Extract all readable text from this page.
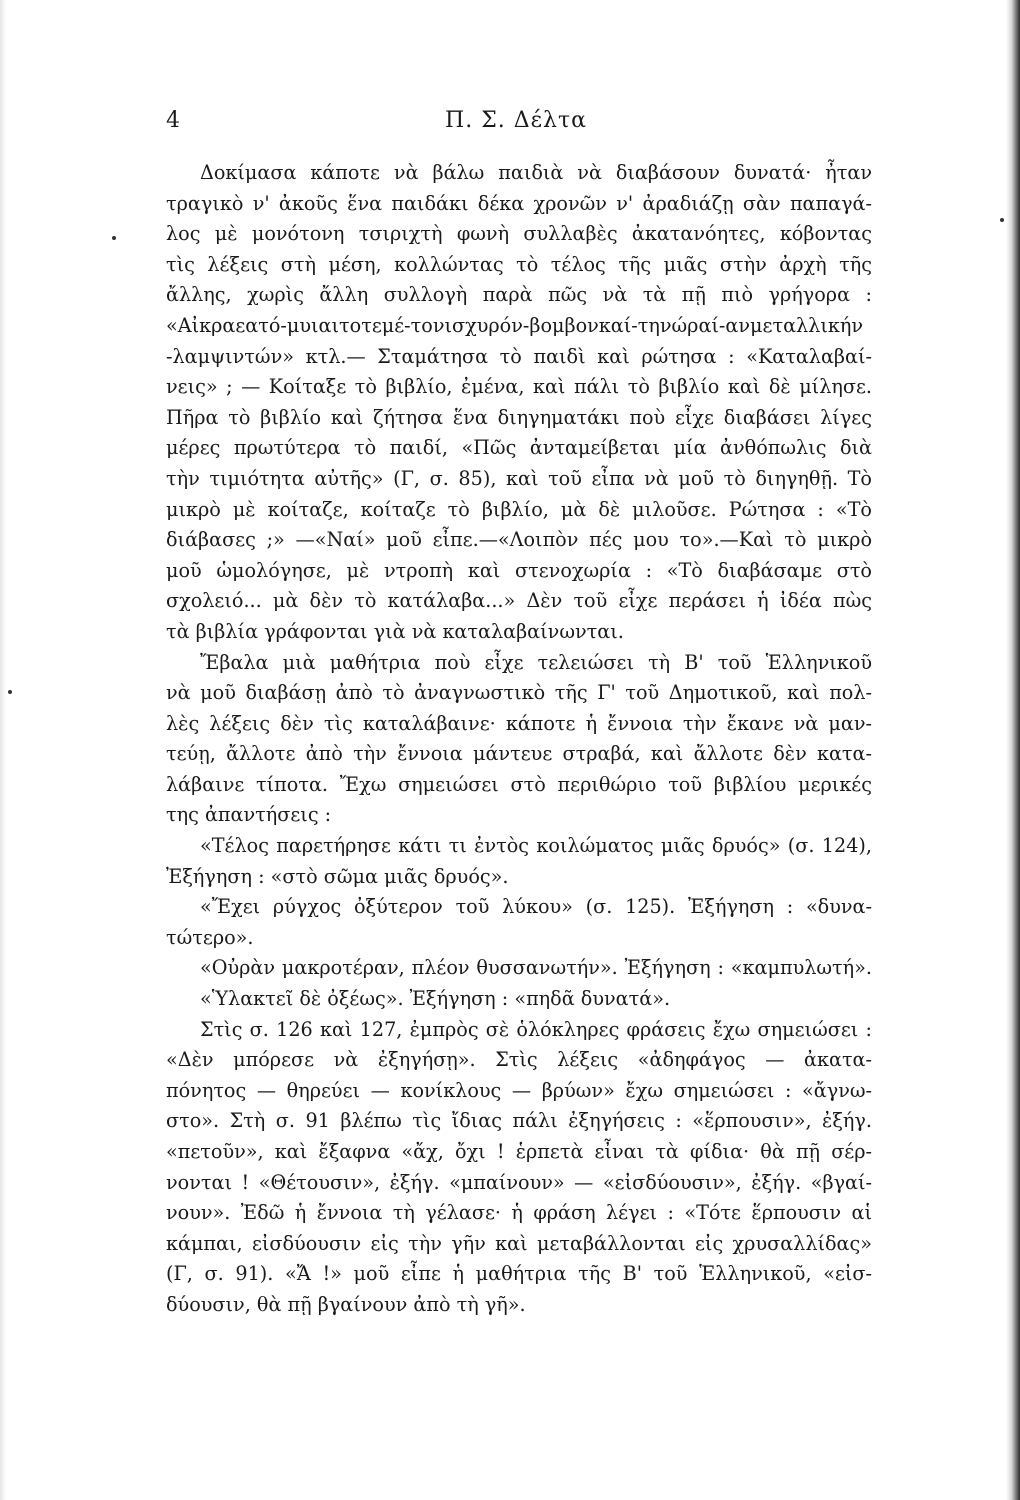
4	Π. Σ. Δέλτα
Δοκίμασα κάποτε νὰ βάλω παιδιὰ νὰ διαβάσουν δυνατά· ἦταν
τραγικὸ ν' ἀκοῦς ἕνα παιδάκι δέκα χρονῶν ν' ἀραδιάζῃ σὰν παπαγά-
λος μὲ μονότονη τσιριχτὴ φωνὴ συλλαβὲς ἀκατανόητες, κόβοντας
τὶς λέξεις στὴ μέση, κολλώντας τὸ τέλος τῆς μιᾶς στὴν ἀρχὴ τῆς
ἄλλης, χωρὶς ἄλλη συλλογὴ παρὰ πῶς νὰ τὰ πῇ πιὸ γρήγορα :
«Αἰκραεατό-μυιαιτοτεμέ-τονισχυρόν-βομβονκαί-τηνώραί-ανμεταλλικήν
-λαμψιντών» κτλ.— Σταμάτησα τὸ παιδὶ καὶ ρώτησα : «Καταλαβαί-
νεις» ; — Κοίταξε τὸ βιβλίο, ἐμένα, καὶ πάλι τὸ βιβλίο καὶ δὲ μίλησε.
Πῆρα τὸ βιβλίο καὶ ζήτησα ἕνα διηγηματάκι ποὺ εἶχε διαβάσει λίγες
μέρες πρωτύτερα τὸ παιδί, «Πῶς ἀνταμείβεται μία ἀνθόπωλις διὰ
τὴν τιμιότητα αὐτῆς» (Γ, σ. 85), καὶ τοῦ εἶπα νὰ μοῦ τὸ διηγηθῇ. Τὸ
μικρὸ μὲ κοίταζε, κοίταζε τὸ βιβλίο, μὰ δὲ μιλοῦσε. Ρώτησα : «Τὸ
διάβασες ;» —«Ναί» μοῦ εἶπε.—«Λοιπὸν πές μου το».—Καὶ τὸ μικρὸ
μοῦ ὡμολόγησε, μὲ ντροπὴ καὶ στενοχωρία : «Τὸ διαβάσαμε στὸ
σχολειό... μὰ δὲν τὸ κατάλαβα...» Δὲν τοῦ εἶχε περάσει ἡ ἰδέα πὼς
τὰ βιβλία γράφονται γιὰ νὰ καταλαβαίνωνται.
Ἔβαλα μιὰ μαθήτρια ποὺ εἶχε τελειώσει τὴ Β' τοῦ Ἑλληνικοῦ
νὰ μοῦ διαβάσῃ ἀπὸ τὸ ἀναγνωστικὸ τῆς Γ' τοῦ Δημοτικοῦ, καὶ πολ-
λὲς λέξεις δὲν τὶς καταλάβαινε· κάποτε ἡ ἔννοια τὴν ἔκανε νὰ μαν-
τεύῃ, ἄλλοτε ἀπὸ τὴν ἔννοια μάντευε στραβά, καὶ ἄλλοτε δὲν κατα-
λάβαινε τίποτα. Ἔχω σημειώσει στὸ περιθώριο τοῦ βιβλίου μερικές
της ἀπαντήσεις :
«Τέλος παρετήρησε κάτι τι ἐντὸς κοιλώματος μιᾶς δρυός» (σ. 124),
Ἐξήγηση : «στὸ σῶμα μιᾶς δρυός».
«Ἔχει ρύγχος ὀξύτερον τοῦ λύκου» (σ. 125). Ἐξήγηση : «δυνα-
τώτερο».
«Οὐρὰν μακροτέραν, πλέον θυσσανωτήν». Ἐξήγηση : «καμπυλωτή».
«Ὑλακτεῖ δὲ ὀξέως». Ἐξήγηση : «πηδᾶ δυνατά».
Στὶς σ. 126 καὶ 127, ἐμπρὸς σὲ ὁλόκληρες φράσεις ἔχω σημειώσει :
«Δὲν μπόρεσε νὰ ἐξηγήσῃ». Στὶς λέξεις «ἀδηφάγος — ἀκατα-
πόνητος — θηρεύει — κονίκλους — βρύων» ἔχω σημειώσει : «ἄγνω-
στο». Στὴ σ. 91 βλέπω τὶς ἴδιας πάλι ἐξηγήσεις : «ἕρπουσιν», ἐξήγ.
«πετοῦν», καὶ ἔξαφνα «ἄχ, ὄχι ! ἑρπετὰ εἶναι τὰ φίδια· θὰ πῇ σέρ-
νονται ! «Θέτουσιν», ἐξήγ. «μπαίνουν» — «εἰσδύουσιν», ἐξήγ. «βγαί-
νουν». Ἐδῶ ἡ ἔννοια τὴ γέλασε· ἡ φράση λέγει : «Τότε ἕρπουσιν αἱ
κάμπαι, εἰσδύουσιν εἰς τὴν γῆν καὶ μεταβάλλονται εἰς χρυσαλλίδας»
(Γ, σ. 91). «Ἄ !» μοῦ εἶπε ἡ μαθήτρια τῆς Β' τοῦ Ἑλληνικοῦ, «εἰσ-
δύουσιν, θὰ πῇ βγαίνουν ἀπὸ τὴ γῆ».
